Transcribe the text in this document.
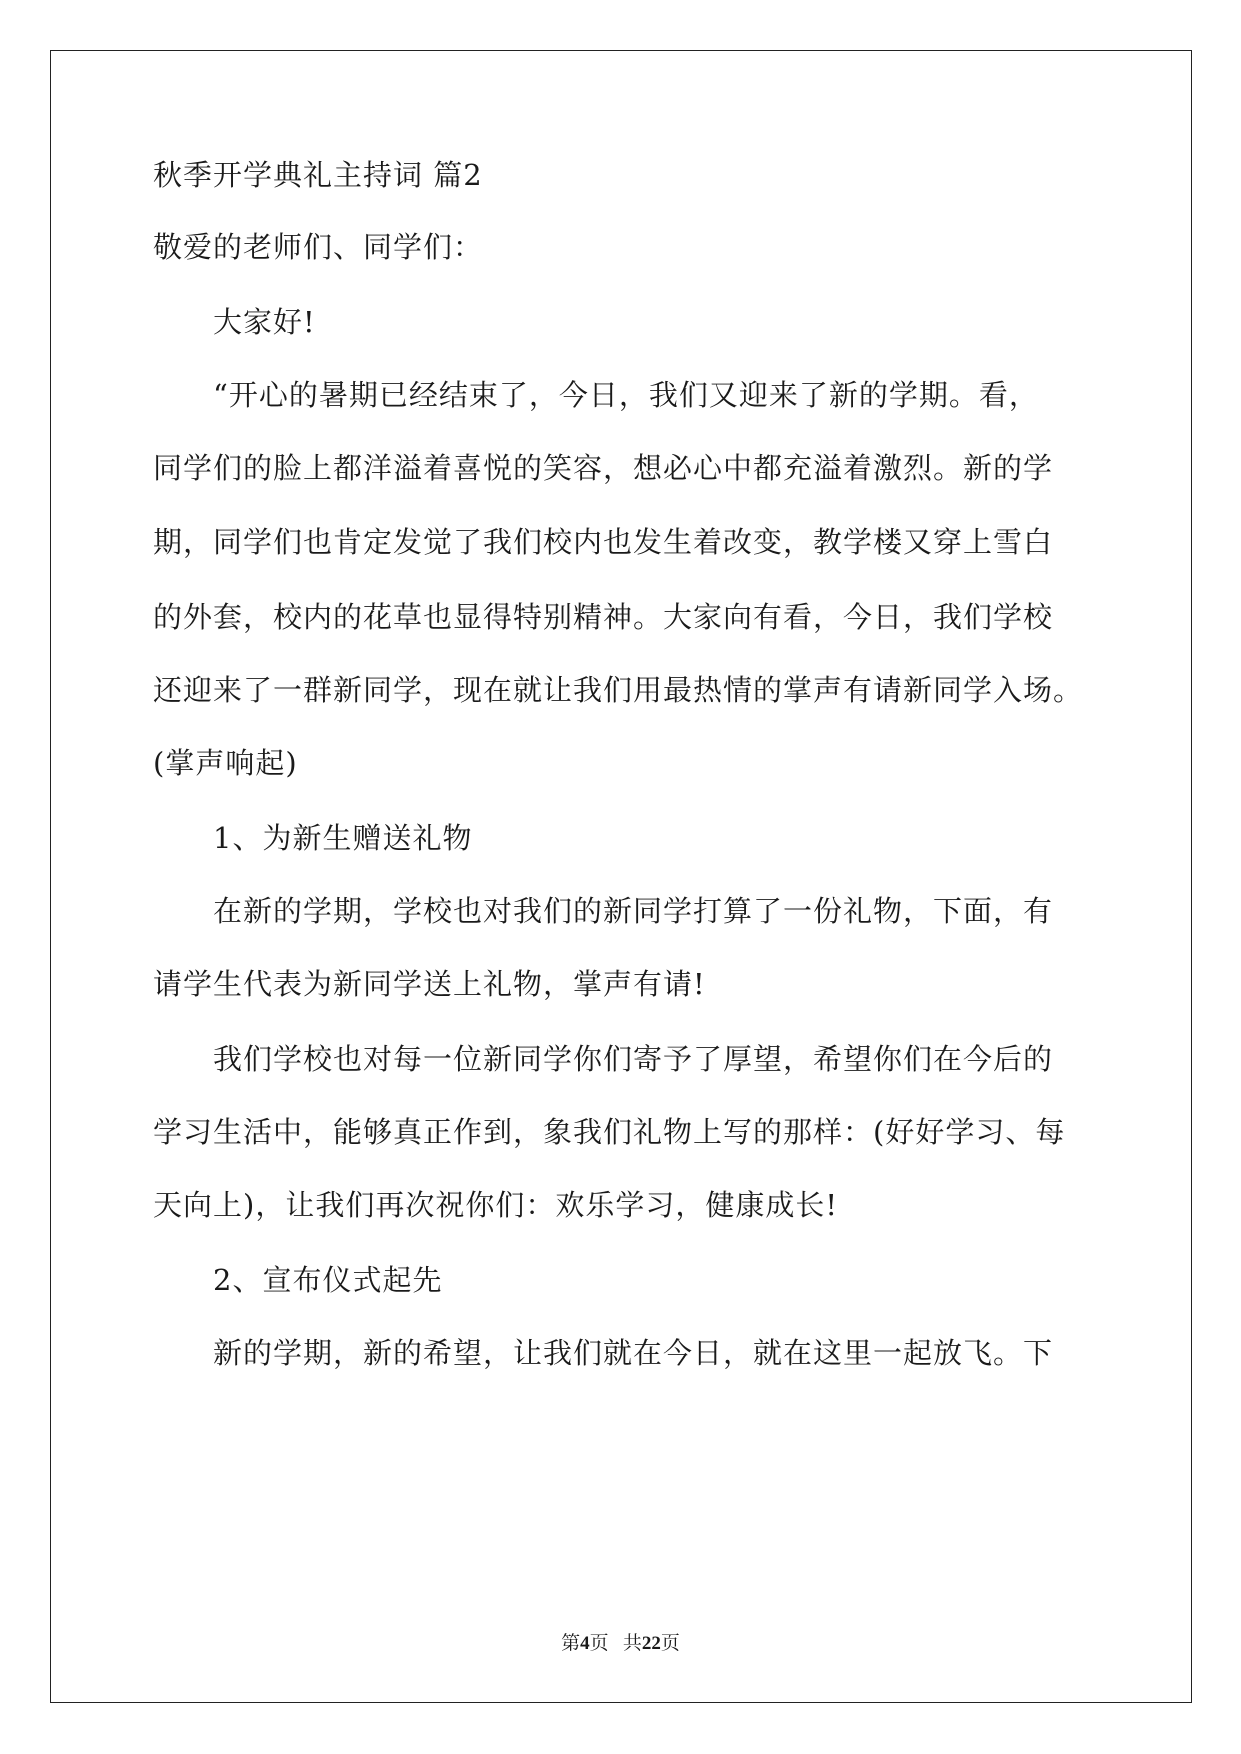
秋季开学典礼主持词 篇2
敬爱的老师们、同学们：
大家好!
“开心的暑期已经结束了，今日，我们又迎来了新的学期。看，
同学们的脸上都洋溢着喜悦的笑容，想必心中都充溢着激烈。新的学
期，同学们也肯定发觉了我们校内也发生着改变，教学楼又穿上雪白
的外套，校内的花草也显得特别精神。大家向有看，今日，我们学校
还迎来了一群新同学，现在就让我们用最热情的掌声有请新同学入场。
(掌声响起)
1、为新生赠送礼物
在新的学期，学校也对我们的新同学打算了一份礼物，下面，有
请学生代表为新同学送上礼物，掌声有请!
我们学校也对每一位新同学你们寄予了厚望，希望你们在今后的
学习生活中，能够真正作到，象我们礼物上写的那样：(好好学习、每
天向上)，让我们再次祝你们：欢乐学习，健康成长!
2、宣布仪式起先
新的学期，新的希望，让我们就在今日，就在这里一起放飞。下
第4页 共22页
